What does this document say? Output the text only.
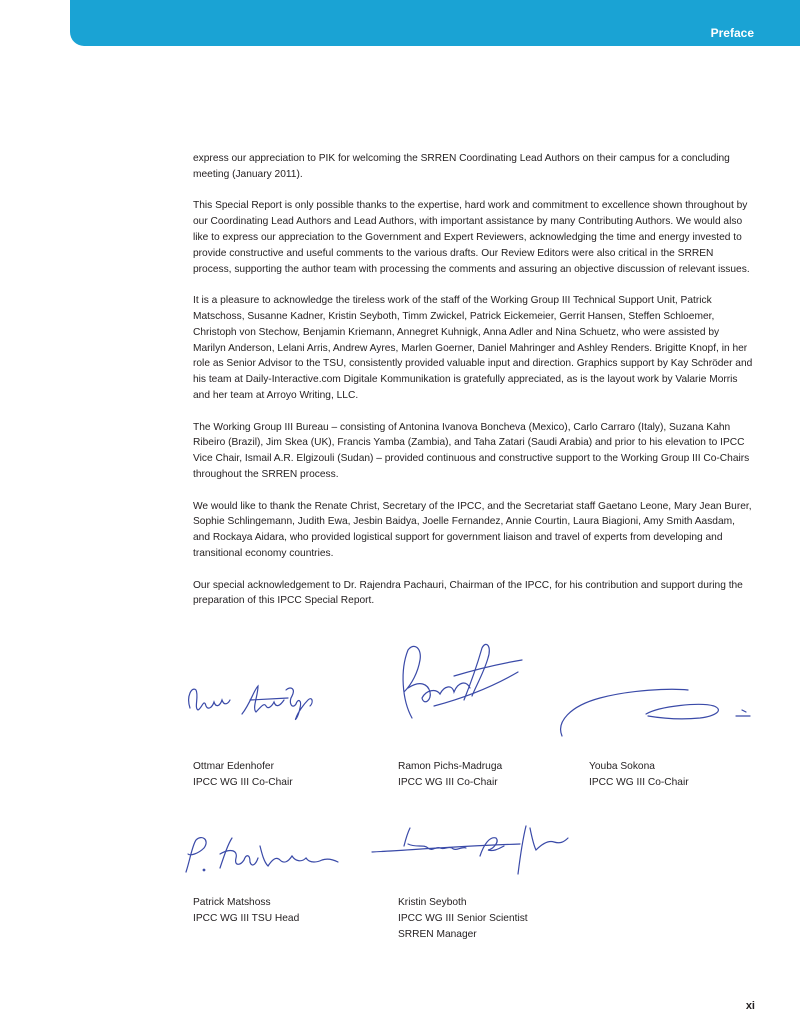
Preface

express our appreciation to PIK for welcoming the SRREN Coordinating Lead Authors on their campus for a concluding meeting (January 2011).

This Special Report is only possible thanks to the expertise, hard work and commitment to excellence shown throughout by our Coordinating Lead Authors and Lead Authors, with important assistance by many Contributing Authors. We would also like to express our appreciation to the Government and Expert Reviewers, acknowledging the time and energy invested to provide constructive and useful comments to the various drafts. Our Review Editors were also critical in the SRREN process, supporting the author team with processing the comments and assuring an objective discussion of relevant issues.

It is a pleasure to acknowledge the tireless work of the staff of the Working Group III Technical Support Unit, Patrick Matschoss, Susanne Kadner, Kristin Seyboth, Timm Zwickel, Patrick Eickemeier, Gerrit Hansen, Steffen Schloemer, Christoph von Stechow, Benjamin Kriemann, Annegret Kuhnigk, Anna Adler and Nina Schuetz, who were assisted by Marilyn Anderson, Lelani Arris, Andrew Ayres, Marlen Goerner, Daniel Mahringer and Ashley Renders. Brigitte Knopf, in her role as Senior Advisor to the TSU, consistently provided valuable input and direction. Graphics support by Kay Schröder and his team at Daily-Interactive.com Digitale Kommunikation is gratefully appreciated, as is the layout work by Valarie Morris and her team at Arroyo Writing, LLC.

The Working Group III Bureau – consisting of Antonina Ivanova Boncheva (Mexico), Carlo Carraro (Italy), Suzana Kahn Ribeiro (Brazil), Jim Skea (UK), Francis Yamba (Zambia), and Taha Zatari (Saudi Arabia) and prior to his elevation to IPCC Vice Chair, Ismail A.R. Elgizouli (Sudan) – provided continuous and constructive support to the Working Group III Co-Chairs throughout the SRREN process.

We would like to thank the Renate Christ, Secretary of the IPCC, and the Secretariat staff Gaetano Leone, Mary Jean Burer, Sophie Schlingemann, Judith Ewa, Jesbin Baidya, Joelle Fernandez, Annie Courtin, Laura Biagioni, Amy Smith Aasdam, and Rockaya Aidara, who provided logistical support for government liaison and travel of experts from developing and transitional economy countries.

Our special acknowledgement to Dr. Rajendra Pachauri, Chairman of the IPCC, for his contribution and support during the preparation of this IPCC Special Report.

Ottmar Edenhofer
IPCC WG III Co-Chair
Ramon Pichs-Madruga
IPCC WG III Co-Chair
Youba Sokona
IPCC WG III Co-Chair
Patrick Matshoss
IPCC WG III TSU Head
Kristin Seyboth
IPCC WG III Senior Scientist
SRREN Manager
xi
